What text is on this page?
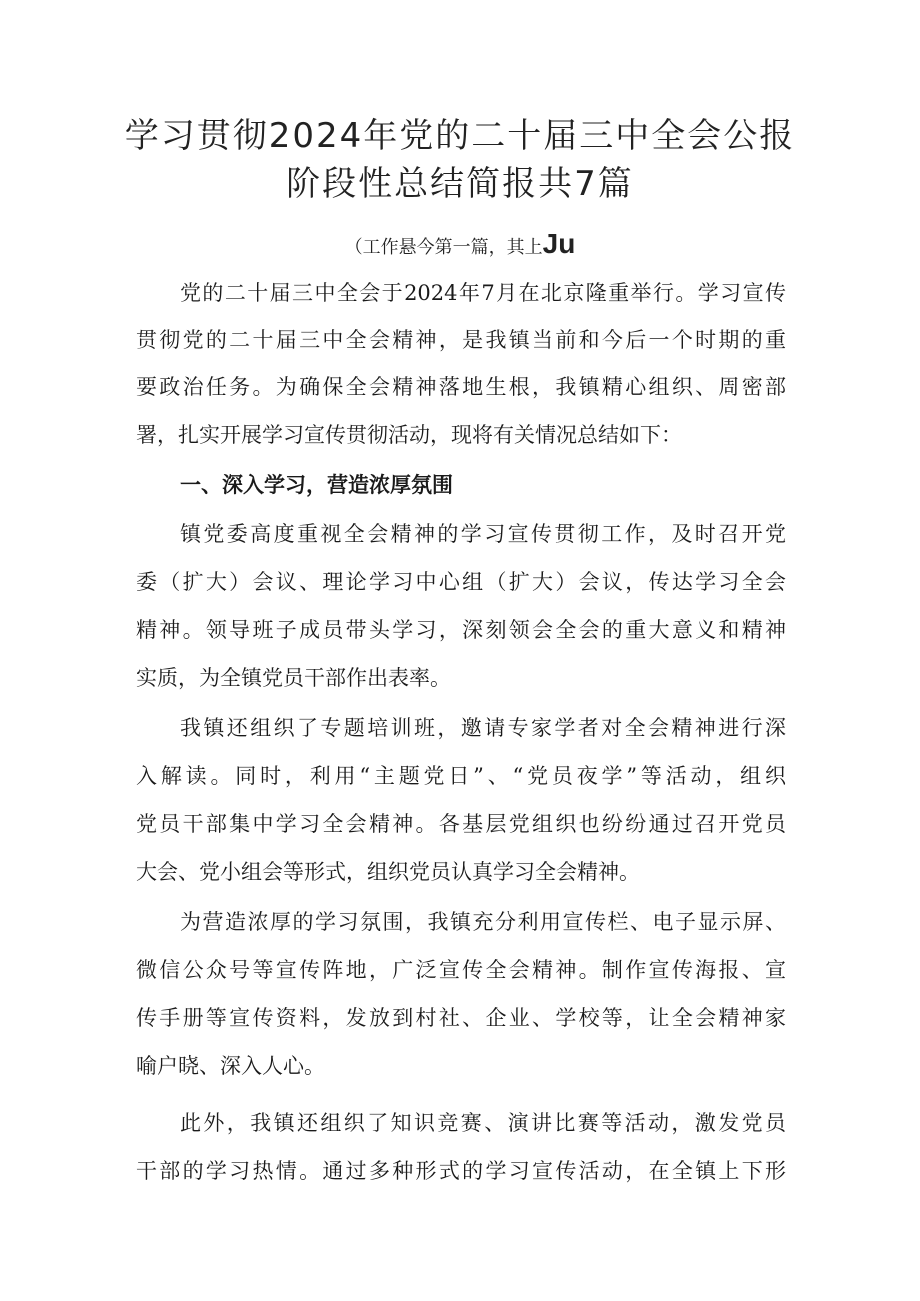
学习贯彻2024年党的二十届三中全会公报
阶段性总结简报共7篇
（工作悬今第一篇，其上Ju
党的二十届三中全会于2024年7月在北京隆重举行。学习宣传
贯彻党的二十届三中全会精神，是我镇当前和今后一个时期的重
要政治任务。为确保全会精神落地生根，我镇精心组织、周密部
署，扎实开展学习宣传贯彻活动，现将有关情况总结如下：
一、深入学习，营造浓厚氛围
镇党委高度重视全会精神的学习宣传贯彻工作，及时召开党
委（扩大）会议、理论学习中心组（扩大）会议，传达学习全会
精神。领导班子成员带头学习，深刻领会全会的重大意义和精神
实质，为全镇党员干部作出表率。
我镇还组织了专题培训班，邀请专家学者对全会精神进行深
入解读。同时，利用“主题党日”、“党员夜学”等活动，组织
党员干部集中学习全会精神。各基层党组织也纷纷通过召开党员
大会、党小组会等形式，组织党员认真学习全会精神。
为营造浓厚的学习氛围，我镇充分利用宣传栏、电子显示屏、
微信公众号等宣传阵地，广泛宣传全会精神。制作宣传海报、宣
传手册等宣传资料，发放到村社、企业、学校等，让全会精神家
喻户晓、深入人心。
此外，我镇还组织了知识竞赛、演讲比赛等活动，激发党员
干部的学习热情。通过多种形式的学习宣传活动，在全镇上下形
